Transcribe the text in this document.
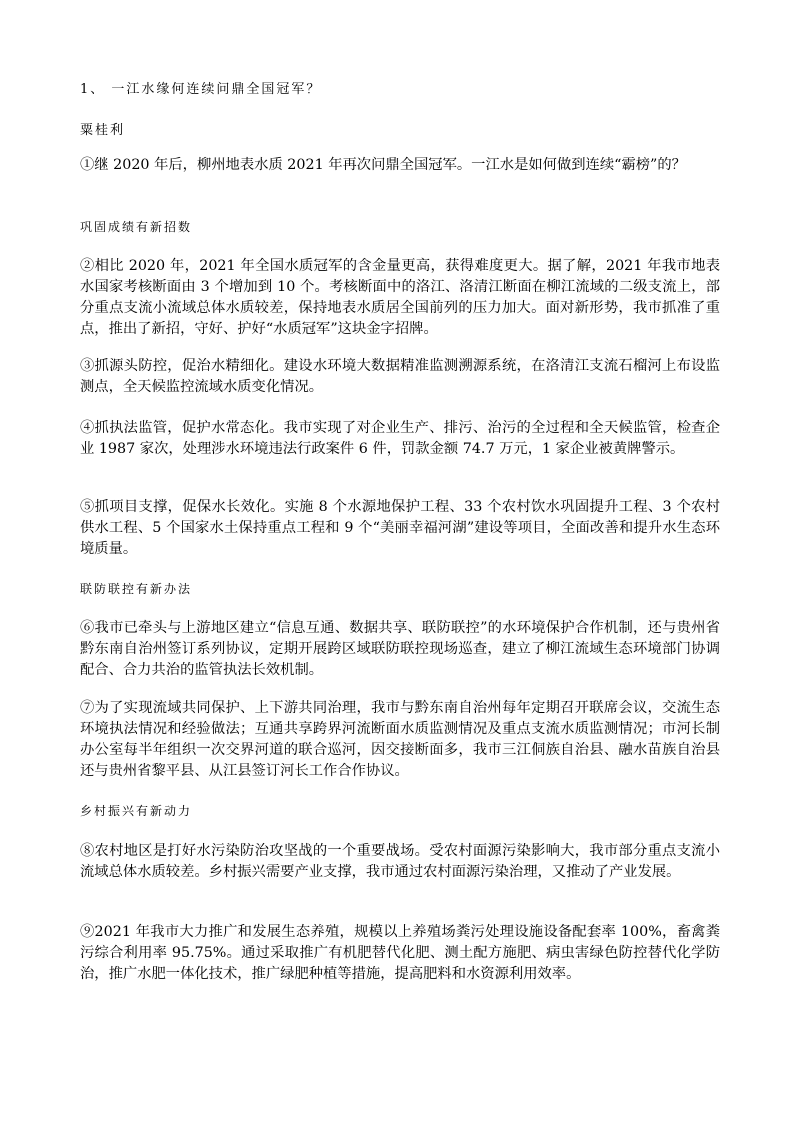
1、 一江水缘何连续问鼎全国冠军？
粟桂利

①继 2020 年后，柳州地表水质 2021 年再次问鼎全国冠军。一江水是如何做到连续“霸榜”的？

巩固成绩有新招数

②相比 2020 年，2021 年全国水质冠军的含金量更高，获得难度更大。据了解，2021 年我市地表水国家考核断面由 3 个增加到 10 个。考核断面中的洛江、洛清江断面在柳江流域的二级支流上，部分重点支流小流域总体水质较差，保持地表水质居全国前列的压力加大。面对新形势，我市抓准了重点，推出了新招，守好、护好“水质冠军”这块金字招牌。

③抓源头防控，促治水精细化。建设水环境大数据精准监测溯源系统，在洛清江支流石榴河上布设监测点，全天候监控流域水质变化情况。

④抓执法监管，促护水常态化。我市实现了对企业生产、排污、治污的全过程和全天候监管，检查企业 1987 家次，处理涉水环境违法行政案件 6 件，罚款金额 74.7 万元，1 家企业被黄牌警示。

⑤抓项目支撑，促保水长效化。实施 8 个水源地保护工程、33 个农村饮水巩固提升工程、3 个农村供水工程、5 个国家水土保持重点工程和 9 个“美丽幸福河湖”建设等项目，全面改善和提升水生态环境质量。

联防联控有新办法

⑥我市已牵头与上游地区建立“信息互通、数据共享、联防联控”的水环境保护合作机制，还与贵州省黔东南自治州签订系列协议，定期开展跨区域联防联控现场巡查，建立了柳江流域生态环境部门协调配合、合力共治的监管执法长效机制。

⑦为了实现流域共同保护、上下游共同治理，我市与黔东南自治州每年定期召开联席会议，交流生态环境执法情况和经验做法；互通共享跨界河流断面水质监测情况及重点支流水质监测情况；市河长制办公室每半年组织一次交界河道的联合巡河，因交接断面多，我市三江侗族自治县、融水苗族自治县还与贵州省黎平县、从江县签订河长工作合作协议。

乡村振兴有新动力

⑧农村地区是打好水污染防治攻坚战的一个重要战场。受农村面源污染影响大，我市部分重点支流小流域总体水质较差。乡村振兴需要产业支撑，我市通过农村面源污染治理，又推动了产业发展。

⑨2021 年我市大力推广和发展生态养殖，规模以上养殖场粪污处理设施设备配套率 100%，畜禽粪污综合利用率 95.75%。通过采取推广有机肥替代化肥、测土配方施肥、病虫害绿色防控替代化学防治，推广水肥一体化技术，推广绿肥种植等措施，提高肥料和水资源利用效率。
